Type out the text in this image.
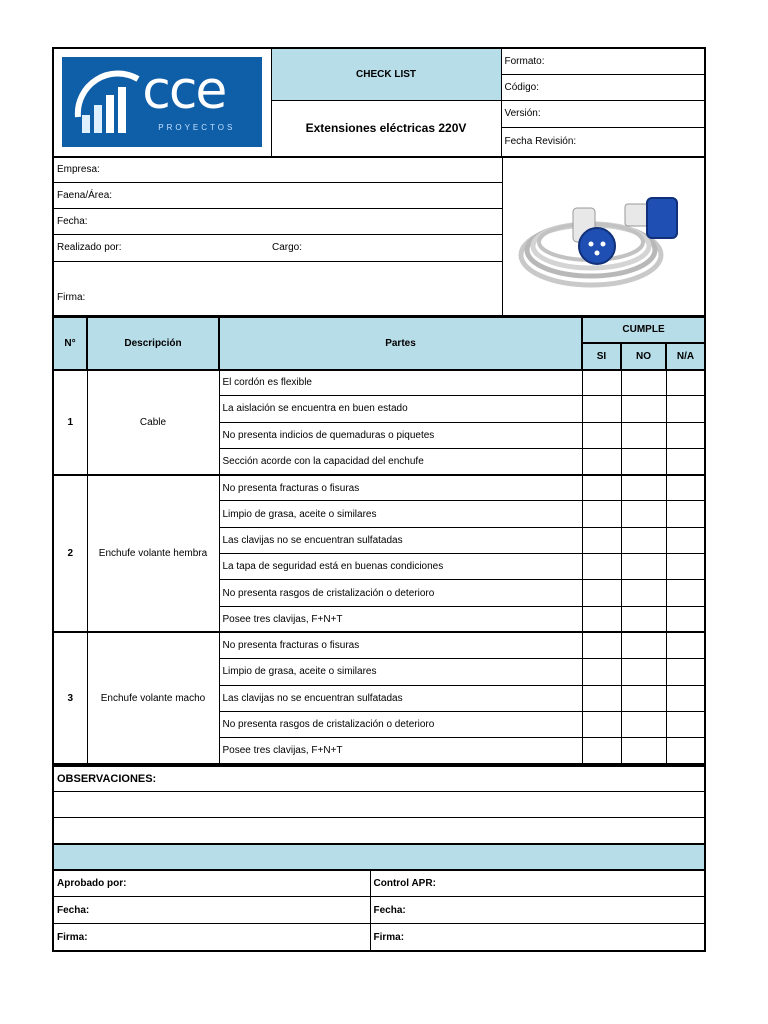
cce
PROYECTOS	CHECK LIST	Formato:
		Código:
	Extensiones eléctricas 220V	Versión:
		Fecha Revisión:
Empresa:	
Faena/Área:
Fecha:
Realizado por:	Cargo:

Firma:
N°	Descripción	Partes	CUMPLE		
			SI	NO	N/A
1	Cable	El cordón es flexible			
		La aislación se encuentra en buen estado			
		No presenta indicios de quemaduras o piquetes			
		Sección acorde con la capacidad del enchufe			
2	Enchufe volante hembra	No presenta fracturas o fisuras			
		Limpio de grasa, aceite o similares			
		Las clavijas no se encuentran sulfatadas			
		La tapa de seguridad está en buenas condiciones			
		No presenta rasgos de cristalización o deterioro			
		Posee tres clavijas, F+N+T			
3	Enchufe volante macho	No presenta fracturas o fisuras			
		Limpio de grasa, aceite o similares			
		Las clavijas no se encuentran sulfatadas			
		No presenta rasgos de cristalización o deterioro			
		Posee tres clavijas, F+N+T			
OBSERVACIONES:	

Aprobado por:	Control APR:
Fecha:	Fecha:
Firma:	Firma:
